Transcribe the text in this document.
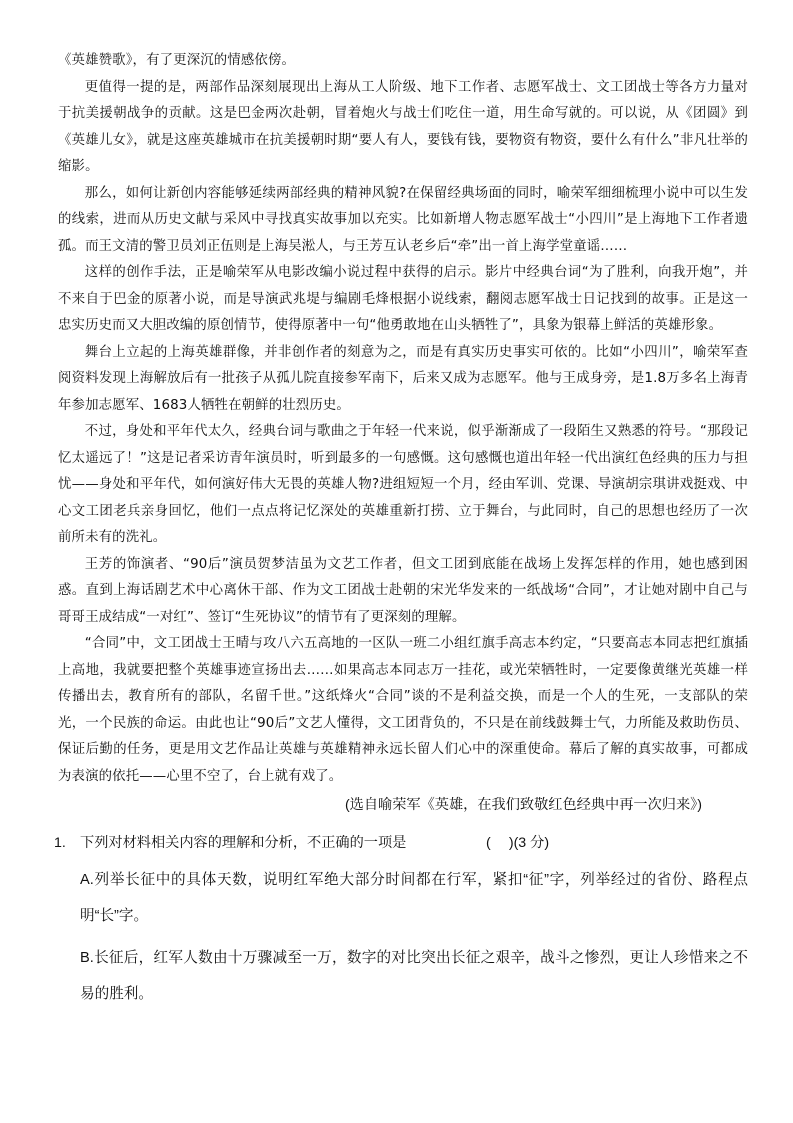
《英雄赞歌》，有了更深沉的情感依傍。

更值得一提的是，两部作品深刻展现出上海从工人阶级、地下工作者、志愿军战士、文工团战士等各方力量对于抗美援朝战争的贡献。这是巴金两次赴朝，冒着炮火与战士们吃住一道，用生命写就的。可以说，从《团圆》到《英雄儿女》，就是这座英雄城市在抗美援朝时期“要人有人，要钱有钱，要物资有物资，要什么有什么”非凡壮举的缩影。

那么，如何让新创内容能够延续两部经典的精神风貌?在保留经典场面的同时，喻荣军细细梳理小说中可以生发的线索，进而从历史文献与采风中寻找真实故事加以充实。比如新增人物志愿军战士“小四川”是上海地下工作者遗孤。而王文清的警卫员刘正伍则是上海吴淞人，与王芳互认老乡后“牵”出一首上海学堂童谣……

这样的创作手法，正是喻荣军从电影改编小说过程中获得的启示。影片中经典台词“为了胜利，向我开炮”，并不来自于巴金的原著小说，而是导演武兆堤与编剧毛烽根据小说线索，翻阅志愿军战士日记找到的故事。正是这一忠实历史而又大胆改编的原创情节，使得原著中一句“他勇敢地在山头牺牲了”，具象为银幕上鲜活的英雄形象。

舞台上立起的上海英雄群像，并非创作者的刻意为之，而是有真实历史事实可依的。比如“小四川”，喻荣军查阅资料发现上海解放后有一批孩子从孤儿院直接参军南下，后来又成为志愿军。他与王成身旁，是1.8万多名上海青年参加志愿军、1683人牺牲在朝鲜的壮烈历史。

不过，身处和平年代太久，经典台词与歌曲之于年轻一代来说，似乎渐渐成了一段陌生又熟悉的符号。“那段记忆太遥远了！”这是记者采访青年演员时，听到最多的一句感慨。这句感慨也道出年轻一代出演红色经典的压力与担忧——身处和平年代，如何演好伟大无畏的英雄人物?进组短短一个月，经由军训、党课、导演胡宗琪讲戏挺戏、中心文工团老兵亲身回忆，他们一点点将记忆深处的英雄重新打捞、立于舞台，与此同时，自己的思想也经历了一次前所未有的洗礼。

王芳的饰演者、“90后”演员贺梦洁虽为文艺工作者，但文工团到底能在战场上发挥怎样的作用，她也感到困惑。直到上海话剧艺术中心离休干部、作为文工团战士赴朝的宋光华发来的一纸战场“合同”，才让她对剧中自己与哥哥王成结成“一对红”、签订“生死协议”的情节有了更深刻的理解。

“合同”中，文工团战士王晴与攻八六五高地的一区队一班二小组红旗手高志本约定，“只要高志本同志把红旗插上高地，我就要把整个英雄事迹宣扬出去……如果高志本同志万一挂花，或光荣牺牲时，一定要像黄继光英雄一样传播出去，教育所有的部队，名留千世。”这纸烽火“合同”谈的不是利益交换，而是一个人的生死，一支部队的荣光，一个民族的命运。由此也让“90后”文艺人懂得，文工团背负的，不只是在前线鼓舞士气，力所能及救助伤员、保证后勤的任务，更是用文艺作品让英雄与英雄精神永远长留人们心中的深重使命。幕后了解的真实故事，可都成为表演的依托——心里不空了，台上就有戏了。

(选自喻荣军《英雄，在我们致敬红色经典中再一次归来》)
1. 下列对材料相关内容的理解和分析，不正确的一项是	(　 )(3 分)
A.列举长征中的具体天数，说明红军绝大部分时间都在行军，紧扣“征”字，列举经过的省份、路程点明“长”字。
B.长征后，红军人数由十万骤减至一万，数字的对比突出长征之艰辛，战斗之惨烈，更让人珍惜来之不易的胜利。
